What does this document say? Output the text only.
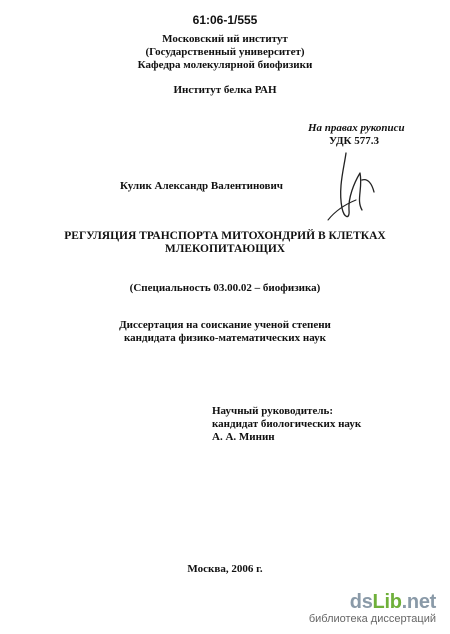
61:06-1/555
Московский ий институт
(Государственный университет)
Кафедра молекулярной биофизики
Институт белка РАН
На правах рукописи
УДК 577.3
Кулик Александр Валентинович
РЕГУЛЯЦИЯ ТРАНСПОРТА МИТОХОНДРИЙ В КЛЕТКАХ
МЛЕКОПИТАЮЩИХ
(Специальность 03.00.02 – биофизика)
Диссертация на соискание ученой степени
кандидата физико-математических наук
Научный руководитель:
кандидат биологических наук
А. А. Минин
Москва, 2006 г.
dsLib.net
библиотека диссертаций
